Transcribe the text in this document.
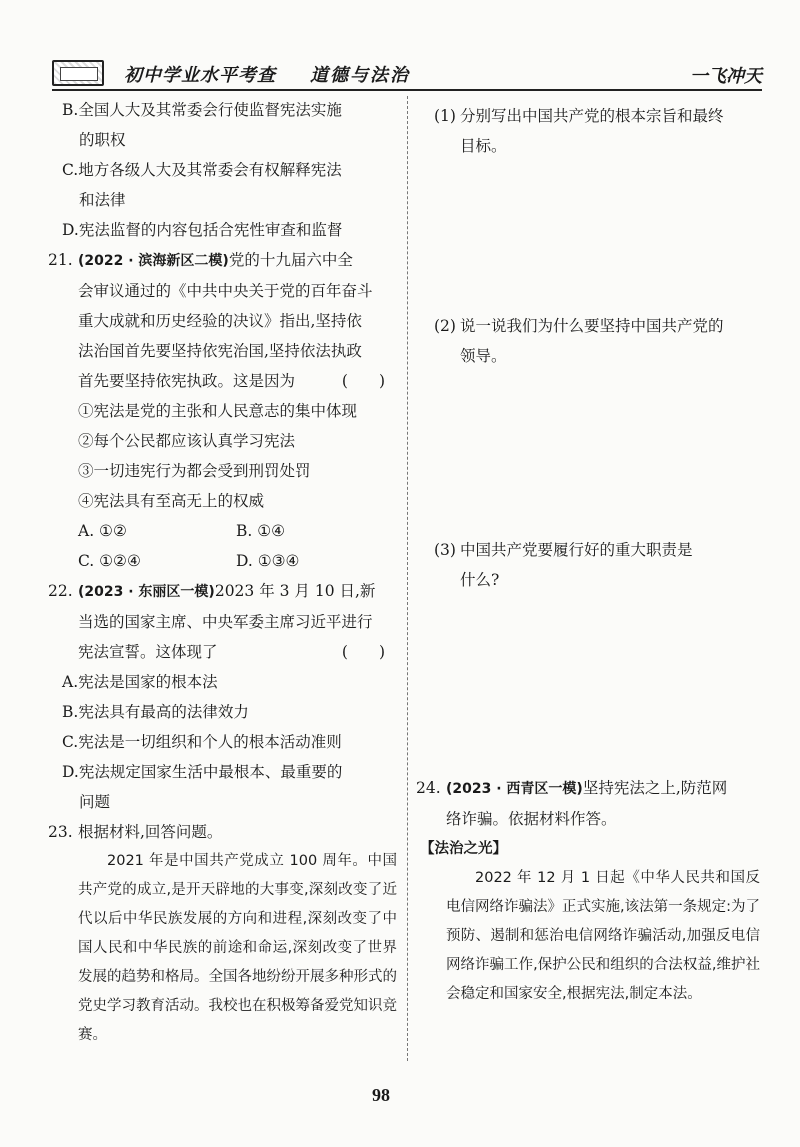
初中学业水平考查 道德与法治	一飞冲天
B.全国人大及其常委会行使监督宪法实施
的职权
C.地方各级人大及其常委会有权解释宪法
和法律
D.宪法监督的内容包括合宪性审查和监督
21. (2022 · 滨海新区二模)党的十九届六中全
会审议通过的《中共中央关于党的百年奋斗
重大成就和历史经验的决议》指出,坚持依
法治国首先要坚持依宪治国,坚持依法执政
首先要坚持依宪执政。这是因为	(　　)
①宪法是党的主张和人民意志的集中体现
②每个公民都应该认真学习宪法
③一切违宪行为都会受到刑罚处罚
④宪法具有至高无上的权威
A. ①②	B. ①④
C. ①②④	D. ①③④
22. (2023 · 东丽区一模)2023 年 3 月 10 日,新
当选的国家主席、中央军委主席习近平进行
宪法宣誓。这体现了	(　　)
A.宪法是国家的根本法
B.宪法具有最高的法律效力
C.宪法是一切组织和个人的根本活动准则
D.宪法规定国家生活中最根本、最重要的
问题
23. 根据材料,回答问题。
2021 年是中国共产党成立 100 周年。中国共产党的成立,是开天辟地的大事变,深刻改变了近代以后中华民族发展的方向和进程,深刻改变了中国人民和中华民族的前途和命运,深刻改变了世界发展的趋势和格局。全国各地纷纷开展多种形式的党史学习教育活动。我校也在积极筹备爱党知识竞赛。
(1) 分别写出中国共产党的根本宗旨和最终
目标。
(2) 说一说我们为什么要坚持中国共产党的
领导。
(3) 中国共产党要履行好的重大职责是
什么?
24. (2023 · 西青区一模)坚持宪法之上,防范网
络诈骗。依据材料作答。
【法治之光】
2022 年 12 月 1 日起《中华人民共和国反电信网络诈骗法》正式实施,该法第一条规定:为了预防、遏制和惩治电信网络诈骗活动,加强反电信网络诈骗工作,保护公民和组织的合法权益,维护社会稳定和国家安全,根据宪法,制定本法。
98
